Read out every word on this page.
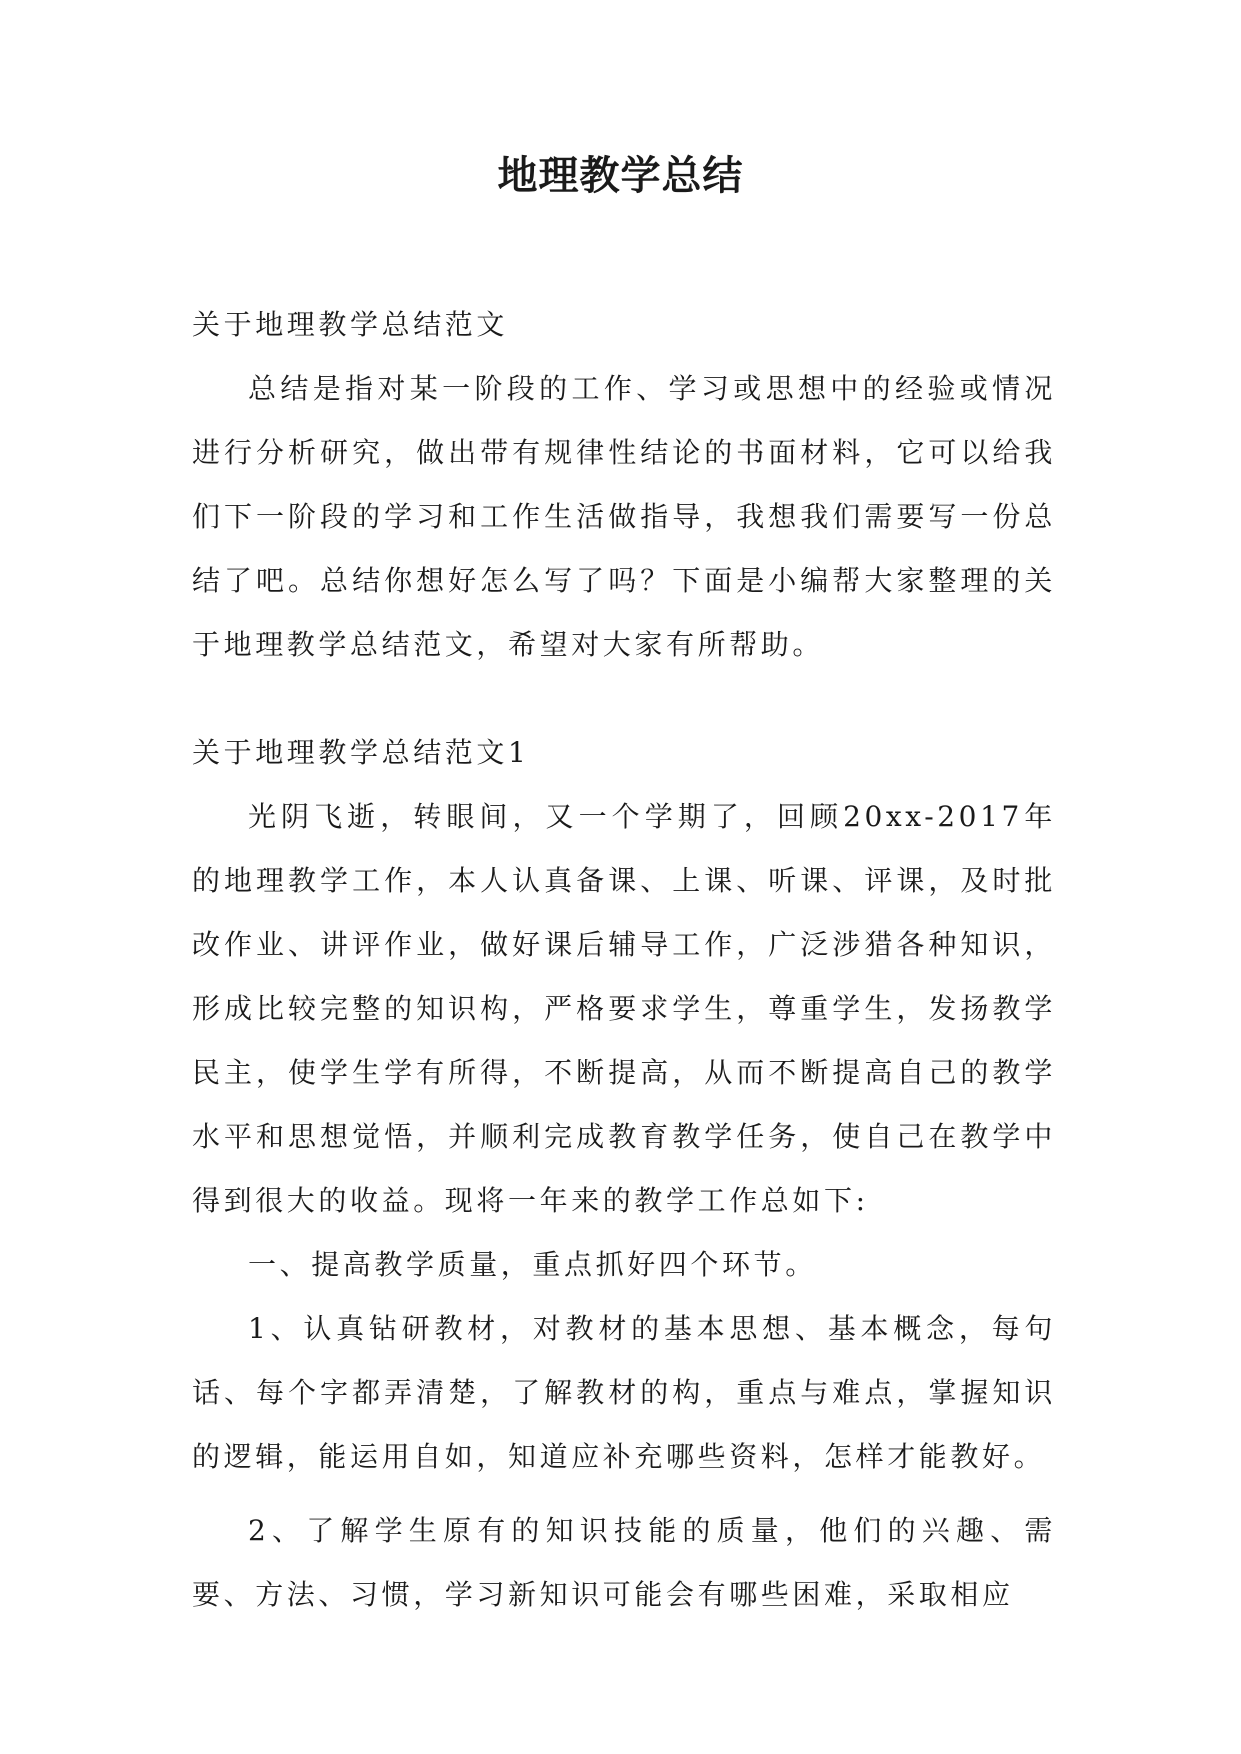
地理教学总结

关于地理教学总结范文

总结是指对某一阶段的工作、学习或思想中的经验或情况进行分析研究，做出带有规律性结论的书面材料，它可以给我们下一阶段的学习和工作生活做指导，我想我们需要写一份总结了吧。总结你想好怎么写了吗？下面是小编帮大家整理的关于地理教学总结范文，希望对大家有所帮助。

关于地理教学总结范文1

光阴飞逝，转眼间，又一个学期了，回顾20xx-2017年的地理教学工作，本人认真备课、上课、听课、评课，及时批改作业、讲评作业，做好课后辅导工作，广泛涉猎各种知识，形成比较完整的知识构，严格要求学生，尊重学生，发扬教学民主，使学生学有所得，不断提高，从而不断提高自己的教学水平和思想觉悟，并顺利完成教育教学任务，使自己在教学中得到很大的收益。现将一年来的教学工作总如下:

一、提高教学质量，重点抓好四个环节。

1、认真钻研教材，对教材的基本思想、基本概念，每句话、每个字都弄清楚，了解教材的构，重点与难点，掌握知识的逻辑，能运用自如，知道应补充哪些资料，怎样才能教好。

2、了解学生原有的知识技能的质量，他们的兴趣、需要、方法、习惯，学习新知识可能会有哪些困难，采取相应
